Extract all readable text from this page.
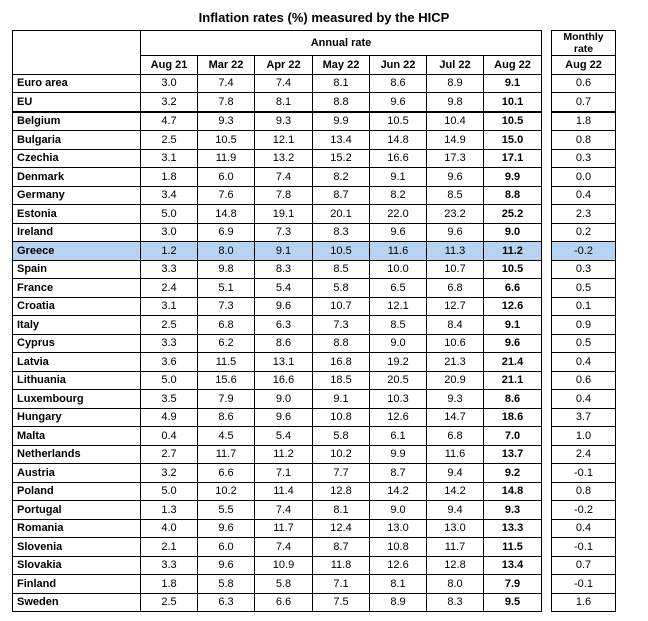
Inflation rates (%) measured by the HICP
	Annual rate								Monthly
rate
	Aug 21	Mar 22	Apr 22	May 22	Jun 22	Jul 22	Aug 22		Aug 22
Euro area	3.0	7.4	7.4	8.1	8.6	8.9	9.1		0.6
EU	3.2	7.8	8.1	8.8	9.6	9.8	10.1		0.7
Belgium	4.7	9.3	9.3	9.9	10.5	10.4	10.5		1.8
Bulgaria	2.5	10.5	12.1	13.4	14.8	14.9	15.0		0.8
Czechia	3.1	11.9	13.2	15.2	16.6	17.3	17.1		0.3
Denmark	1.8	6.0	7.4	8.2	9.1	9.6	9.9		0.0
Germany	3.4	7.6	7.8	8.7	8.2	8.5	8.8		0.4
Estonia	5.0	14.8	19.1	20.1	22.0	23.2	25.2		2.3
Ireland	3.0	6.9	7.3	8.3	9.6	9.6	9.0		0.2
Greece	1.2	8.0	9.1	10.5	11.6	11.3	11.2		-0.2
Spain	3.3	9.8	8.3	8.5	10.0	10.7	10.5		0.3
France	2.4	5.1	5.4	5.8	6.5	6.8	6.6		0.5
Croatia	3.1	7.3	9.6	10.7	12.1	12.7	12.6		0.1
Italy	2.5	6.8	6.3	7.3	8.5	8.4	9.1		0.9
Cyprus	3.3	6.2	8.6	8.8	9.0	10.6	9.6		0.5
Latvia	3.6	11.5	13.1	16.8	19.2	21.3	21.4		0.4
Lithuania	5.0	15.6	16.6	18.5	20.5	20.9	21.1		0.6
Luxembourg	3.5	7.9	9.0	9.1	10.3	9.3	8.6		0.4
Hungary	4.9	8.6	9.6	10.8	12.6	14.7	18.6		3.7
Malta	0.4	4.5	5.4	5.8	6.1	6.8	7.0		1.0
Netherlands	2.7	11.7	11.2	10.2	9.9	11.6	13.7		2.4
Austria	3.2	6.6	7.1	7.7	8.7	9.4	9.2		-0.1
Poland	5.0	10.2	11.4	12.8	14.2	14.2	14.8		0.8
Portugal	1.3	5.5	7.4	8.1	9.0	9.4	9.3		-0.2
Romania	4.0	9.6	11.7	12.4	13.0	13.0	13.3		0.4
Slovenia	2.1	6.0	7.4	8.7	10.8	11.7	11.5		-0.1
Slovakia	3.3	9.6	10.9	11.8	12.6	12.8	13.4		0.7
Finland	1.8	5.8	5.8	7.1	8.1	8.0	7.9		-0.1
Sweden	2.5	6.3	6.6	7.5	8.9	8.3	9.5		1.6
